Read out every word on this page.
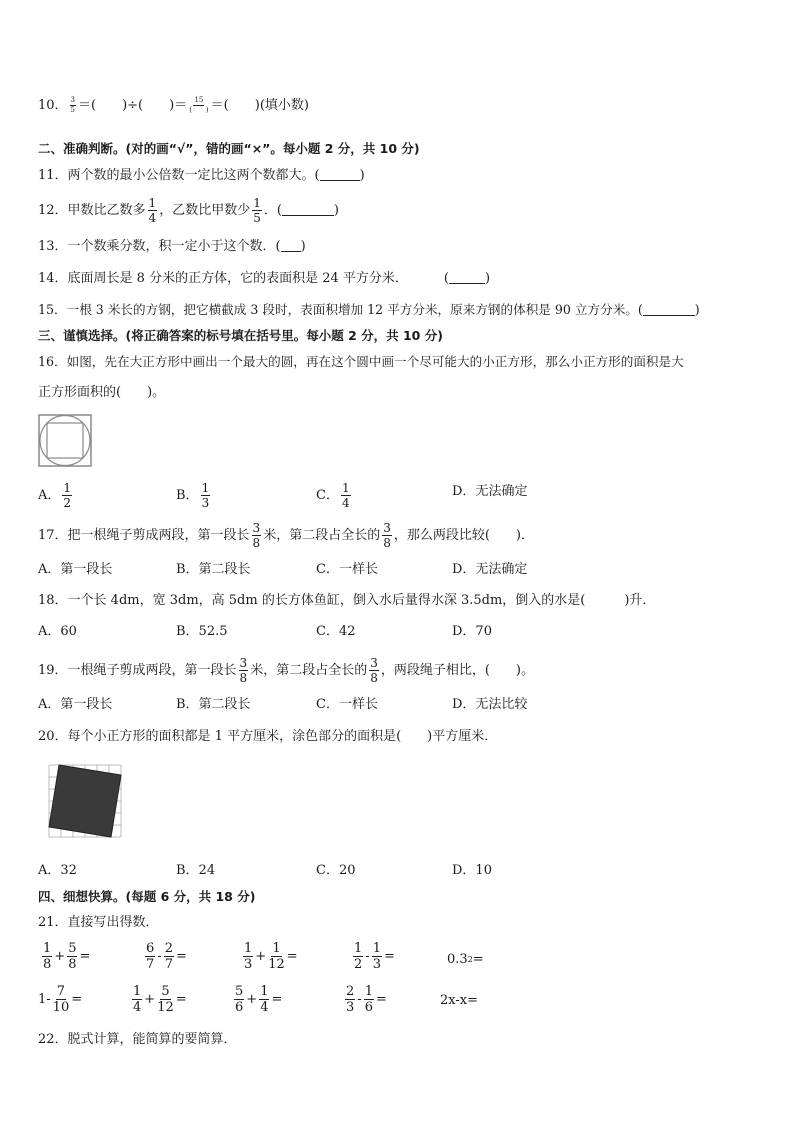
10． $\frac{3}{5}$ ＝(　　)÷(　　)＝ 15
(　　) ＝(　　)(填小数)
二、准确判断。(对的画“√”，错的画“×”。每小题 2 分，共 10 分)
11．两个数的最小公倍数一定比这两个数都大。(	)
12．甲数比乙数多 $\frac{1}{4}$ ，乙数比甲数少 $\frac{1}{5}$ ．(	)
13．一个数乘分数，积一定小于这个数．( )
14．底面周长是 8 分米的正方体，它的表面积是 24 平方分米．	(	)
15．一根 3 米长的方钢，把它横截成 3 段时，表面积增加 12 平方分米，原来方钢的体积是 90 立方分米。(	)
三、谨慎选择。(将正确答案的标号填在括号里。每小题 2 分，共 10 分)
16．如图，先在大正方形中画出一个最大的圆，再在这个圆中画一个尽可能大的小正方形，那么小正方形的面积是大
正方形面积的(　　)。
A． $\frac{1}{2}$	B． $\frac{1}{3}$	C． $\frac{1}{4}$	D．无法确定
17．把一根绳子剪成两段，第一段长 $\frac{3}{8}$ 米，第二段占全长的 $\frac{3}{8}$ ，那么两段比较(　　)．
A．第一段长	B．第二段长	C．一样长	D．无法确定
18．一个长 4dm，宽 3dm，高 5dm 的长方体鱼缸，倒入水后量得水深 3.5dm，倒入的水是(　　　)升．
A．60	B．52.5	C．42	D．70
19．一根绳子剪成两段，第一段长 $\frac{3}{8}$ 米，第二段占全长的 $\frac{3}{8}$ ，两段绳子相比，(　　)。
A．第一段长	B．第二段长	C．一样长	D．无法比较
20．每个小正方形的面积都是 1 平方厘米，涂色部分的面积是(　　)平方厘米．
A．32	B．24	C．20	D．10
四、细想快算。(每题 6 分，共 18 分)
21．直接写出得数．
$\frac{1}{8} + \frac{5}{8}$ =	$\frac{6}{7} - \frac{2}{7}$ =	$\frac{1}{3} + \frac{1}{12}$ =	$\frac{1}{2} - \frac{1}{3}$ =	0.3 2 =
$1- \frac{7}{10}$ =	$\frac{1}{4} + \frac{5}{12}$ =	$\frac{5}{6} + \frac{1}{4}$ =	$\frac{2}{3} - \frac{1}{6}$ =	2x-x=
22．脱式计算，能简算的要简算．
